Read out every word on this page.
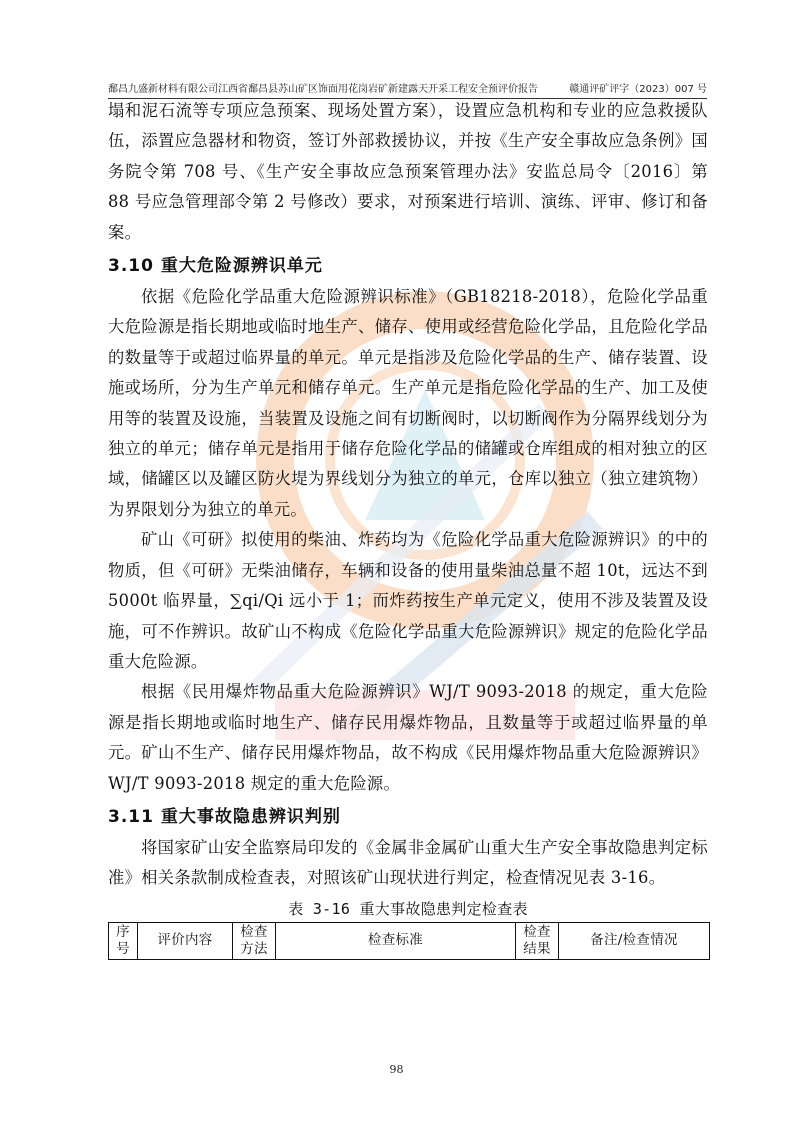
鄱昌九盛新材料有限公司江西省鄱昌县苏山矿区饰面用花岗岩矿新建露天开采工程安全预评价报告	赣通评矿评字（2023）007 号

塌和泥石流等专项应急预案、现场处置方案），设置应急机构和专业的应急救援队伍，添置应急器材和物资，签订外部救援协议，并按《生产安全事故应急条例》国务院令第 708 号、《生产安全事故应急预案管理办法》安监总局令〔2016〕第 88 号应急管理部令第 2 号修改）要求，对预案进行培训、演练、评审、修订和备案。

3.10 重大危险源辨识单元

依据《危险化学品重大危险源辨识标准》（GB18218-2018），危险化学品重大危险源是指长期地或临时地生产、储存、使用或经营危险化学品，且危险化学品的数量等于或超过临界量的单元。单元是指涉及危险化学品的生产、储存装置、设施或场所，分为生产单元和储存单元。生产单元是指危险化学品的生产、加工及使用等的装置及设施，当装置及设施之间有切断阀时，以切断阀作为分隔界线划分为独立的单元；储存单元是指用于储存危险化学品的储罐或仓库组成的相对独立的区域，储罐区以及罐区防火堤为界线划分为独立的单元，仓库以独立（独立建筑物）为界限划分为独立的单元。

矿山《可研》拟使用的柴油、炸药均为《危险化学品重大危险源辨识》的中的物质，但《可研》无柴油储存，车辆和设备的使用量柴油总量不超 10t，远达不到 5000t 临界量，∑qi/Qi 远小于 1；而炸药按生产单元定义，使用不涉及装置及设施，可不作辨识。故矿山不构成《危险化学品重大危险源辨识》规定的危险化学品重大危险源。

根据《民用爆炸物品重大危险源辨识》WJ/T 9093-2018 的规定，重大危险源是指长期地或临时地生产、储存民用爆炸物品，且数量等于或超过临界量的单元。矿山不生产、储存民用爆炸物品，故不构成《民用爆炸物品重大危险源辨识》WJ/T 9093-2018 规定的重大危险源。

3.11 重大事故隐患辨识判别

将国家矿山安全监察局印发的《金属非金属矿山重大生产安全事故隐患判定标准》相关条款制成检查表，对照该矿山现状进行判定，检查情况见表 3-16。

表 3-16 重大事故隐患判定检查表
序号	评价内容	检查方法	检查标准	检查结果	备注/检查情况
98
